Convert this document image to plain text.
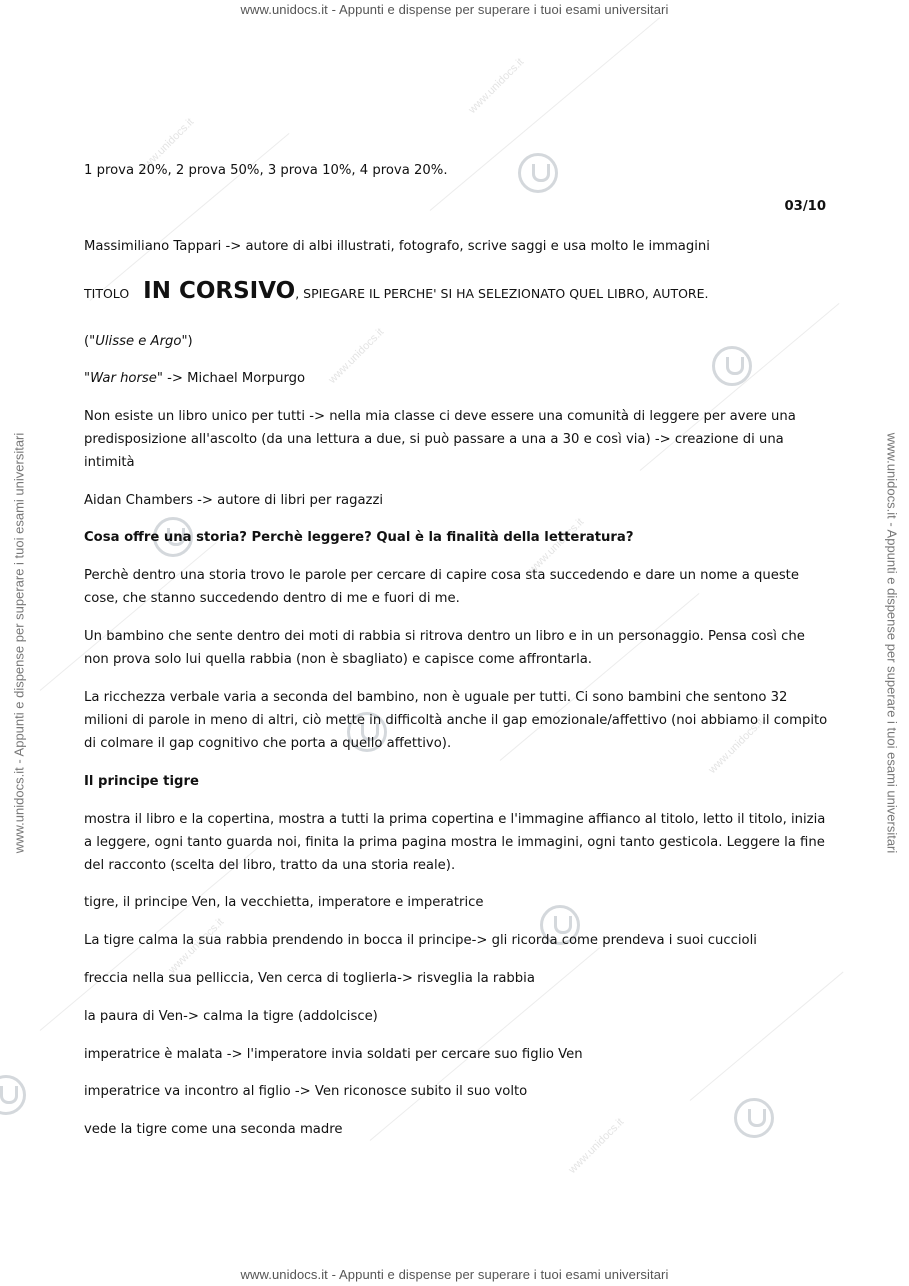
www.unidocs.it
www.unidocs.it
www.unidocs.it
www.unidocs.it
www.unidocs.it
www.unidocs.it
www.unidocs.it
www.unidocs.it - Appunti e dispense per superare i tuoi esami universitari
www.unidocs.it - Appunti e dispense per superare i tuoi esami universitari
www.unidocs.it - Appunti e dispense per superare i tuoi esami universitari	www.unidocs.it - Appunti e dispense per superare i tuoi esami universitari
1 prova 20%, 2 prova 50%, 3 prova 10%, 4 prova 20%.
03/10
Massimiliano Tappari -> autore di albi illustrati, fotografo, scrive saggi e usa molto le immagini
TITOLO IN CORSIVO, SPIEGARE IL PERCHE' SI HA SELEZIONATO QUEL LIBRO, AUTORE.
("Ulisse e Argo")
"War horse" -> Michael Morpurgo
Non esiste un libro unico per tutti -> nella mia classe ci deve essere una comunità di leggere per avere una predisposizione all'ascolto (da una lettura a due, si può passare a una a 30 e così via) -> creazione di una intimità
Aidan Chambers -> autore di libri per ragazzi
Cosa offre una storia? Perchè leggere? Qual è la finalità della letteratura?
Perchè dentro una storia trovo le parole per cercare di capire cosa sta succedendo e dare un nome a queste cose, che stanno succedendo dentro di me e fuori di me.
Un bambino che sente dentro dei moti di rabbia si ritrova dentro un libro e in un personaggio. Pensa così che non prova solo lui quella rabbia (non è sbagliato) e capisce come affrontarla.
La ricchezza verbale varia a seconda del bambino, non è uguale per tutti. Ci sono bambini che sentono 32 milioni di parole in meno di altri, ciò mette in difficoltà anche il gap emozionale/affettivo (noi abbiamo il compito di colmare il gap cognitivo che porta a quello affettivo).
Il principe tigre
mostra il libro e la copertina, mostra a tutti la prima copertina e l'immagine affianco al titolo, letto il titolo, inizia a leggere, ogni tanto guarda noi, finita la prima pagina mostra le immagini, ogni tanto gesticola. Leggere la fine del racconto (scelta del libro, tratto da una storia reale).
tigre, il principe Ven, la vecchietta, imperatore e imperatrice
La tigre calma la sua rabbia prendendo in bocca il principe-> gli ricorda come prendeva i suoi cuccioli
freccia nella sua pelliccia, Ven cerca di toglierla-> risveglia la rabbia
la paura di Ven-> calma la tigre (addolcisce)
imperatrice è malata -> l'imperatore invia soldati per cercare suo figlio Ven
imperatrice va incontro al figlio -> Ven riconosce subito il suo volto
vede la tigre come una seconda madre
